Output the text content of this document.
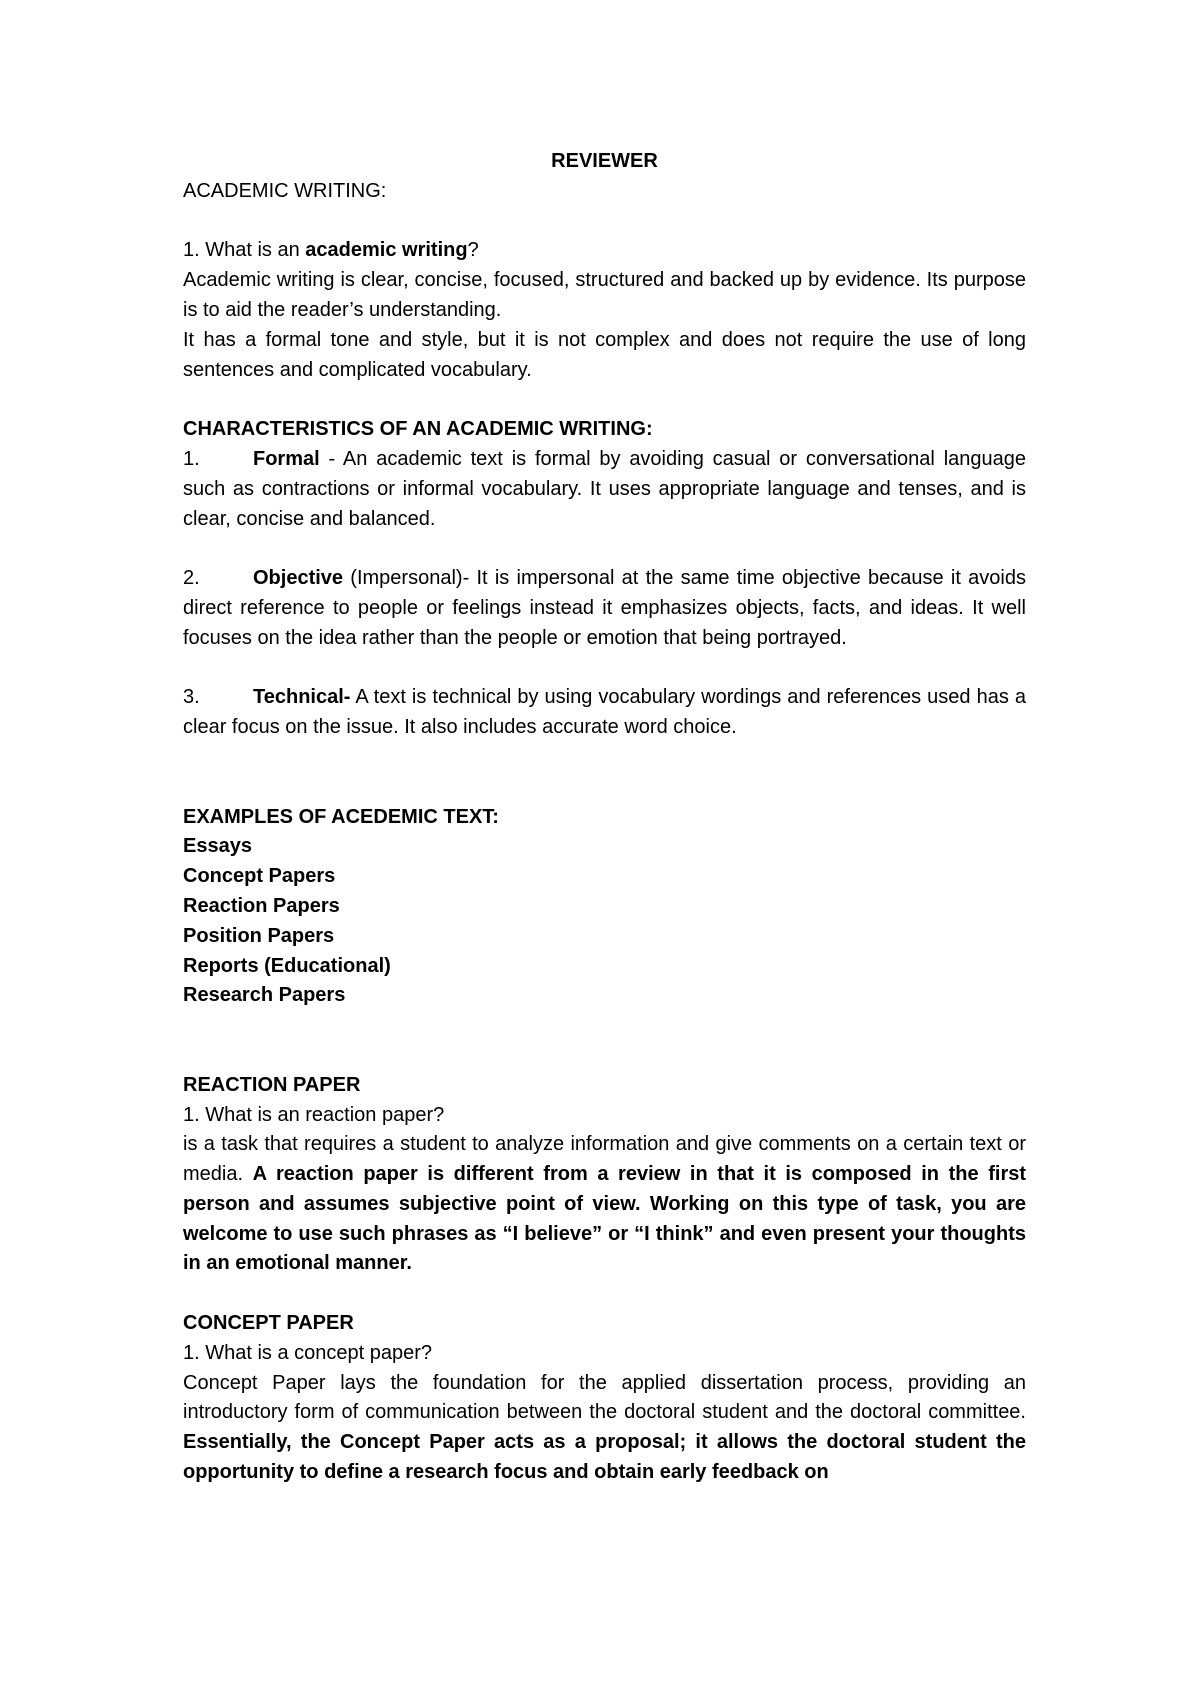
REVIEWER

ACADEMIC WRITING:

1. What is an academic writing?

Academic writing is clear, concise, focused, structured and backed up by evidence. Its purpose is to aid the reader’s understanding.

It has a formal tone and style, but it is not complex and does not require the use of long sentences and complicated vocabulary.

CHARACTERISTICS OF AN ACADEMIC WRITING:

1.	Formal - An academic text is formal by avoiding casual or conversational language such as contractions or informal vocabulary. It uses appropriate language and tenses, and is clear, concise and balanced.

2.	Objective (Impersonal)- It is impersonal at the same time objective because it avoids direct reference to people or feelings instead it emphasizes objects, facts, and ideas. It well focuses on the idea rather than the people or emotion that being portrayed.

3.	Technical- A text is technical by using vocabulary wordings and references used has a clear focus on the issue. It also includes accurate word choice.

EXAMPLES OF ACEDEMIC TEXT:

Essays

Concept Papers

Reaction Papers

Position Papers

Reports (Educational)

Research Papers

REACTION PAPER

1. What is an reaction paper?

is a task that requires a student to analyze information and give comments on a certain text or media. A reaction paper is different from a review in that it is composed in the first person and assumes subjective point of view. Working on this type of task, you are welcome to use such phrases as “I believe” or “I think” and even present your thoughts in an emotional manner.

CONCEPT PAPER

1. What is a concept paper?

Concept Paper lays the foundation for the applied dissertation process, providing an introductory form of communication between the doctoral student and the doctoral committee. Essentially, the Concept Paper acts as a proposal; it allows the doctoral student the opportunity to define a research focus and obtain early feedback on
